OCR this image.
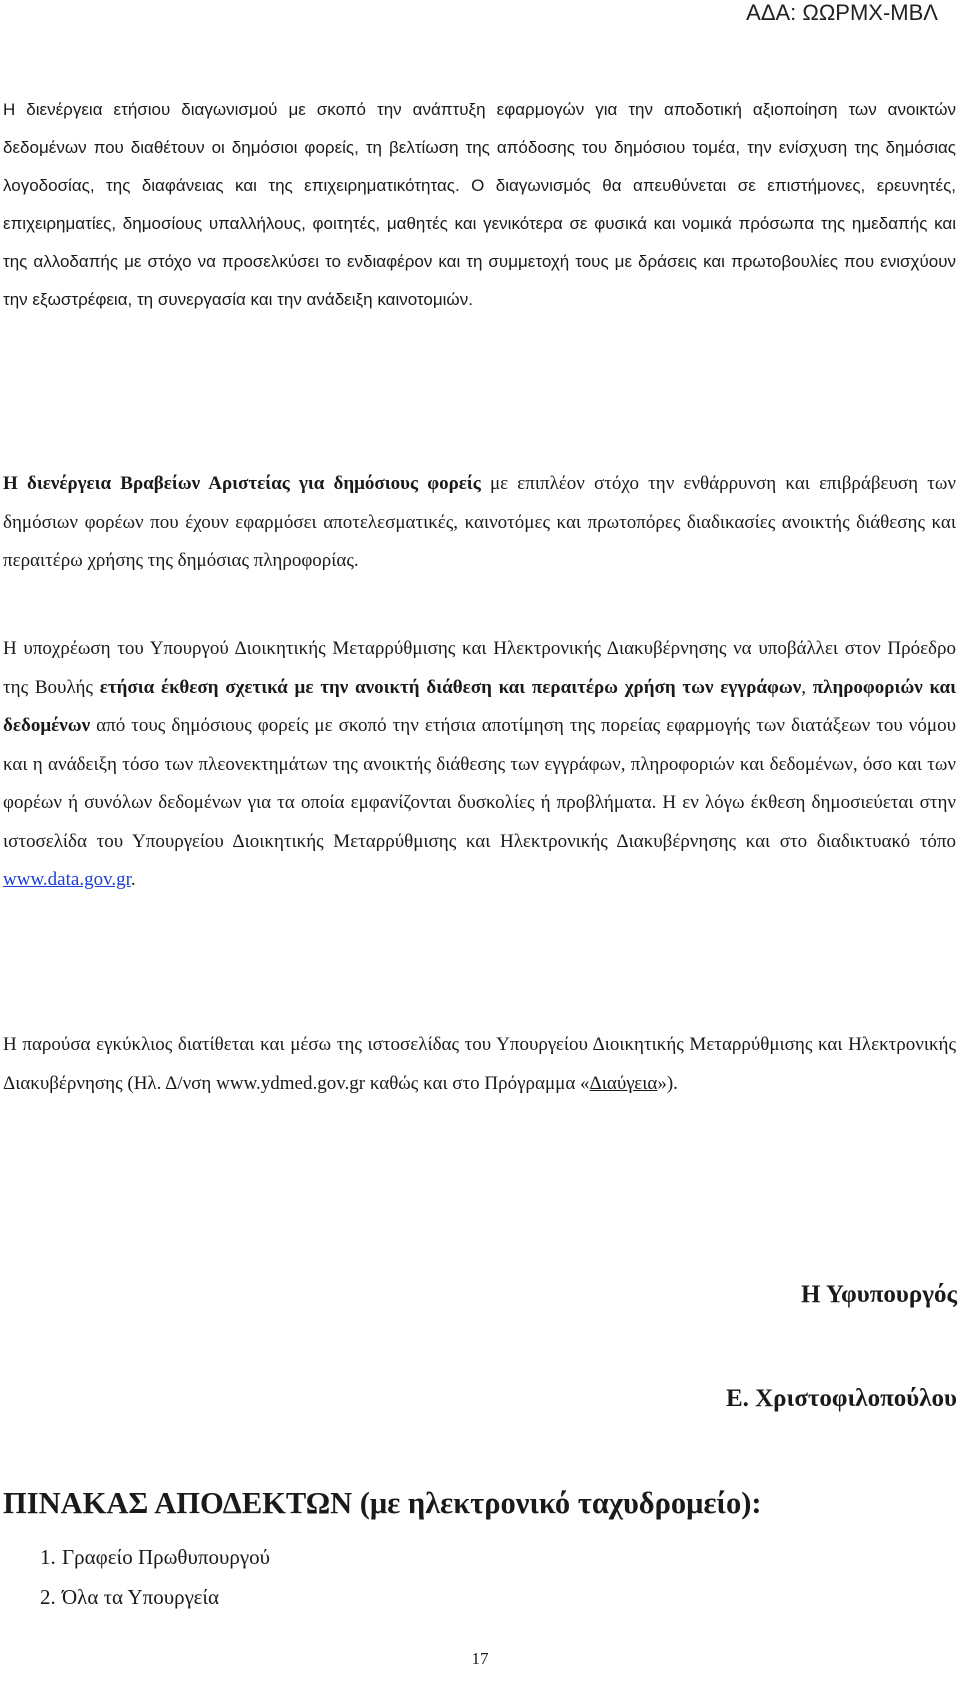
ΑΔΑ: ΩΩΡΜΧ-ΜΒΛ

Η διενέργεια ετήσιου διαγωνισμού με σκοπό την ανάπτυξη εφαρμογών για την αποδοτική αξιοποίηση των ανοικτών δεδομένων που διαθέτουν οι δημόσιοι φορείς, τη βελτίωση της απόδοσης του δημόσιου τομέα, την ενίσχυση της δημόσιας λογοδοσίας, της διαφάνειας και της επιχειρηματικότητας. Ο διαγωνισμός θα απευθύνεται σε επιστήμονες, ερευνητές, επιχειρηματίες, δημοσίους υπαλλήλους, φοιτητές, μαθητές και γενικότερα σε φυσικά και νομικά πρόσωπα της ημεδαπής και της αλλοδαπής με στόχο να προσελκύσει το ενδιαφέρον και τη συμμετοχή τους με δράσεις και πρωτοβουλίες που ενισχύουν την εξωστρέφεια, τη συνεργασία και την ανάδειξη καινοτομιών.

Η διενέργεια Βραβείων Αριστείας για δημόσιους φορείς με επιπλέον στόχο την ενθάρρυνση και επιβράβευση των δημόσιων φορέων που έχουν εφαρμόσει αποτελεσματικές, καινοτόμες και πρωτοπόρες διαδικασίες ανοικτής διάθεσης και περαιτέρω χρήσης της δημόσιας πληροφορίας.

Η υποχρέωση του Υπουργού Διοικητικής Μεταρρύθμισης και Ηλεκτρονικής Διακυβέρνησης να υποβάλλει στον Πρόεδρο της Βουλής ετήσια έκθεση σχετικά με την ανοικτή διάθεση και περαιτέρω χρήση των εγγράφων, πληροφοριών και δεδομένων από τους δημόσιους φορείς με σκοπό την ετήσια αποτίμηση της πορείας εφαρμογής των διατάξεων του νόμου και η ανάδειξη τόσο των πλεονεκτημάτων της ανοικτής διάθεσης των εγγράφων, πληροφοριών και δεδομένων, όσο και των φορέων ή συνόλων δεδομένων για τα οποία εμφανίζονται δυσκολίες ή προβλήματα. Η εν λόγω έκθεση δημοσιεύεται στην ιστοσελίδα του Υπουργείου Διοικητικής Μεταρρύθμισης και Ηλεκτρονικής Διακυβέρνησης και στο διαδικτυακό τόπο www.data.gov.gr.

Η παρούσα εγκύκλιος διατίθεται και μέσω της ιστοσελίδας του Υπουργείου Διοικητικής Μεταρρύθμισης και Ηλεκτρονικής Διακυβέρνησης (Ηλ. Δ/νση www.ydmed.gov.gr καθώς και στο Πρόγραμμα «Διαύγεια»).

Η Υφυπουργός
Ε. Χριστοφιλοπούλου
ΠΙΝΑΚΑΣ ΑΠΟΔΕΚΤΩΝ (με ηλεκτρονικό ταχυδρομείο):
1. Γραφείο Πρωθυπουργού
2. Όλα τα Υπουργεία
17
